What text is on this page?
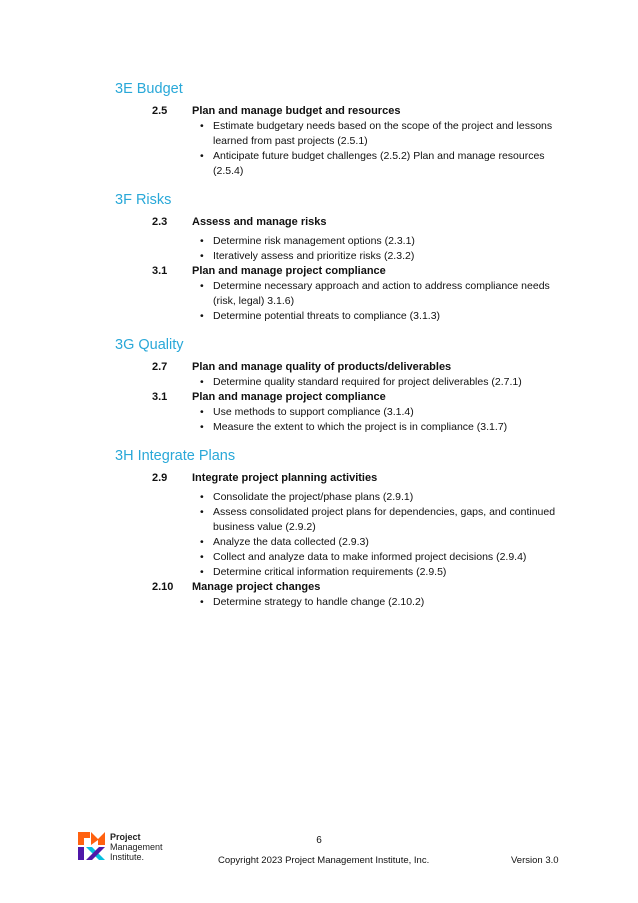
3E Budget
2.5	Plan and manage budget and resources
• Estimate budgetary needs based on the scope of the project and lessons learned from past projects (2.5.1)
• Anticipate future budget challenges (2.5.2) Plan and manage resources (2.5.4)
3F Risks
2.3	Assess and manage risks
• Determine risk management options (2.3.1)
• Iteratively assess and prioritize risks (2.3.2)
3.1	Plan and manage project compliance
• Determine necessary approach and action to address compliance needs (risk, legal) 3.1.6)
• Determine potential threats to compliance (3.1.3)
3G Quality
2.7	Plan and manage quality of products/deliverables
• Determine quality standard required for project deliverables (2.7.1)
3.1	Plan and manage project compliance
• Use methods to support compliance (3.1.4)
• Measure the extent to which the project is in compliance (3.1.7)
3H Integrate Plans
2.9	Integrate project planning activities
• Consolidate the project/phase plans (2.9.1)
• Assess consolidated project plans for dependencies, gaps, and continued business value (2.9.2)
• Analyze the data collected (2.9.3)
• Collect and analyze data to make informed project decisions (2.9.4)
• Determine critical information requirements (2.9.5)
2.10	Manage project changes
• Determine strategy to handle change (2.10.2)
Project
Management
Institute.
6
Copyright 2023 Project Management Institute, Inc.	Version 3.0
